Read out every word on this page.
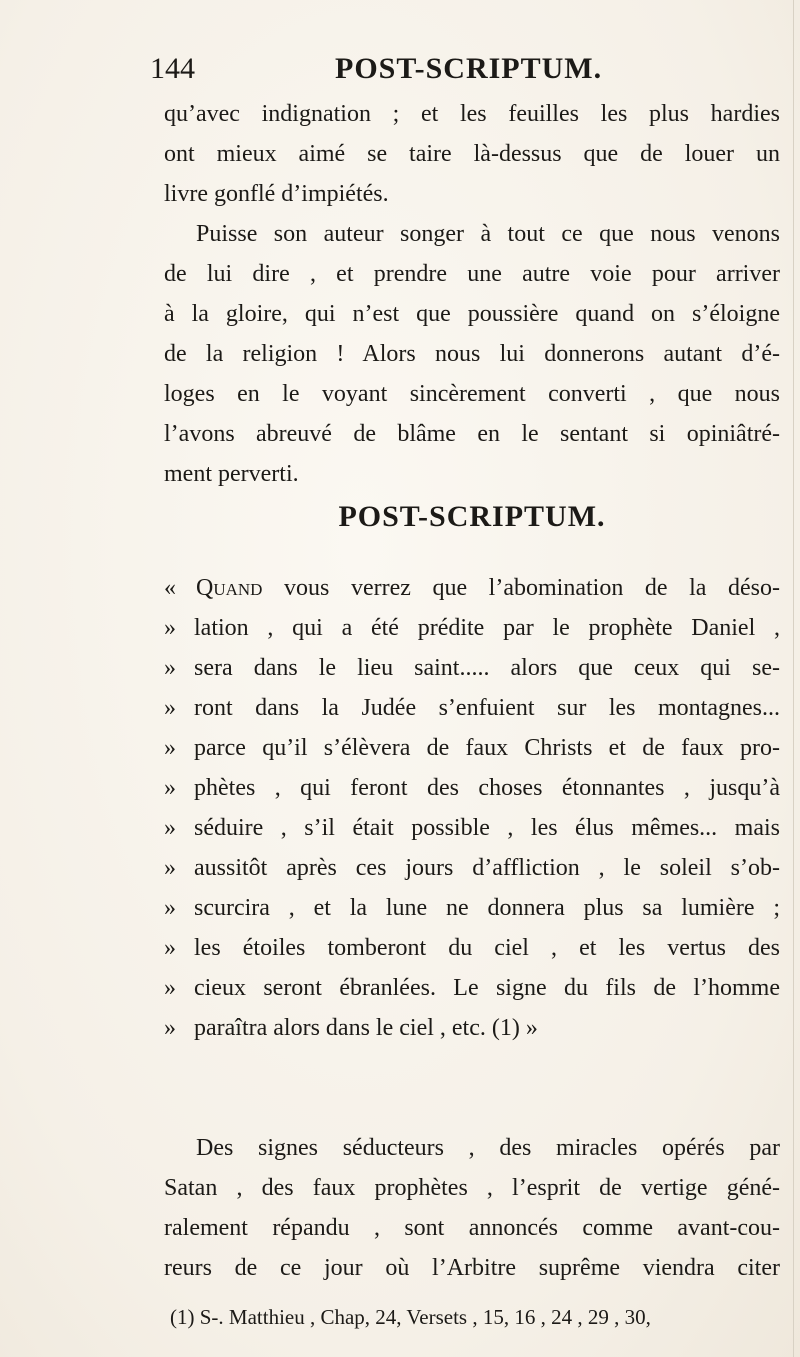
144	POST-SCRIPTUM.
qu’avec indignation ; et les feuilles les plus hardies
ont mieux aimé se taire là-dessus que de louer un
livre gonflé d’impiétés.
Puisse son auteur songer à tout ce que nous venons
de lui dire , et prendre une autre voie pour arriver
à la gloire, qui n’est que poussière quand on s’éloigne
de la religion ! Alors nous lui donnerons autant d’é-
loges en le voyant sincèrement converti , que nous
l’avons abreuvé de blâme en le sentant si opiniâtré-
ment perverti.
POST-SCRIPTUM.
« Quand vous verrez que l’abomination de la déso-
» lation , qui a été prédite par le prophète Daniel ,
» sera dans le lieu saint..... alors que ceux qui se-
» ront dans la Judée s’enfuient sur les montagnes...
» parce qu’il s’élèvera de faux Christs et de faux pro-
» phètes , qui feront des choses étonnantes , jusqu’à
» séduire , s’il était possible , les élus mêmes... mais
» aussitôt après ces jours d’affliction , le soleil s’ob-
» scurcira , et la lune ne donnera plus sa lumière ;
» les étoiles tomberont du ciel , et les vertus des
» cieux seront ébranlées. Le signe du fils de l’homme
» paraîtra alors dans le ciel , etc. (1) »
Des signes séducteurs , des miracles opérés par
Satan , des faux prophètes , l’esprit de vertige géné-
ralement répandu , sont annoncés comme avant-cou-
reurs de ce jour où l’Arbitre suprême viendra citer
(1) S-. Matthieu , Chap, 24, Versets , 15, 16 , 24 , 29 , 30,
